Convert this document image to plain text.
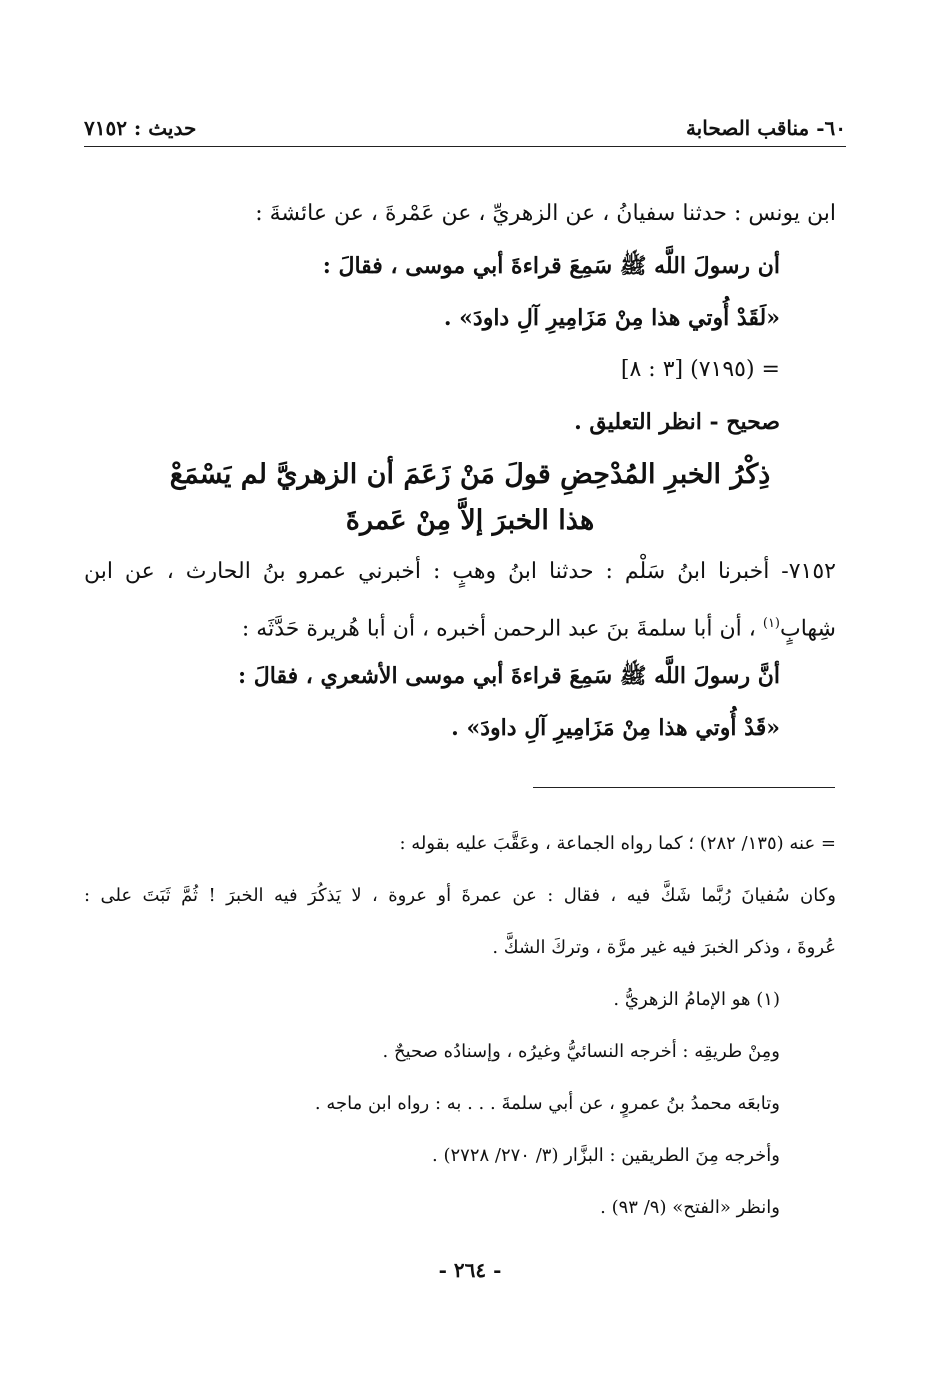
٦٠- مناقب الصحابة
حديث : ٧١٥٢
ابن يونس : حدثنا سفيانُ ، عن الزهريِّ ، عن عَمْرةَ ، عن عائشةَ :
أن رسولَ اللَّه ﷺ سَمِعَ قراءةَ أبي موسى ، فقالَ :
«لَقَدْ أُوتي هذا مِنْ مَزَامِيرِ آلِ داودَ» .
= (٧١٩٥) [٣ : ٨]
صحيح - انظر التعليق .
ذِكْرُ الخبرِ المُدْحِضِ قولَ مَنْ زَعَمَ أن الزهريَّ لم يَسْمَعْ
هذا الخبرَ إلاَّ مِنْ عَمرةَ
٧١٥٢- أخبرنا ابنُ سَلْم : حدثنا ابنُ وهبٍ : أخبرني عمرو بنُ الحارث ، عن ابن
شِهابٍ$^{(١)}$ ، أن أبا سلمةَ بنَ عبد الرحمن أخبره ، أن أبا هُريرة حَدَّثَه :
أنَّ رسولَ اللَّه ﷺ سَمِعَ قراءةَ أبي موسى الأشعري ، فقالَ :
«قَدْ أُوتي هذا مِنْ مَزَامِيرِ آلِ داودَ» .
= عنه (١٣٥/ ٢٨٢) ؛ كما رواه الجماعة ، وعَقَّبَ عليه بقوله :
وكان سُفيانَ رُبَّما شَكَّ فيه ، فقال : عن عمرةَ أو عروة ، لا يَذكُرَ فيه الخبرَ ! ثُمَّ ثَبَتَ على :
عُروةَ ، وذكر الخبرَ فيه غير مرَّة ، وتركَ الشكَّ .
(١) هو الإمامُ الزهريُّ .
ومِنْ طريقِه : أخرجه النسائيُّ وغيرُه ، وإسنادُه صحيحٌ .
وتابعَه محمدُ بنُ عمروٍ ، عن أبي سلمةَ . . . به : رواه ابن ماجه .
وأخرجه مِنَ الطريقين : البزَّار (٣/ ٢٧٠/ ٢٧٢٨) .
وانظر «الفتح» (٩/ ٩٣) .
- ٢٦٤ -
